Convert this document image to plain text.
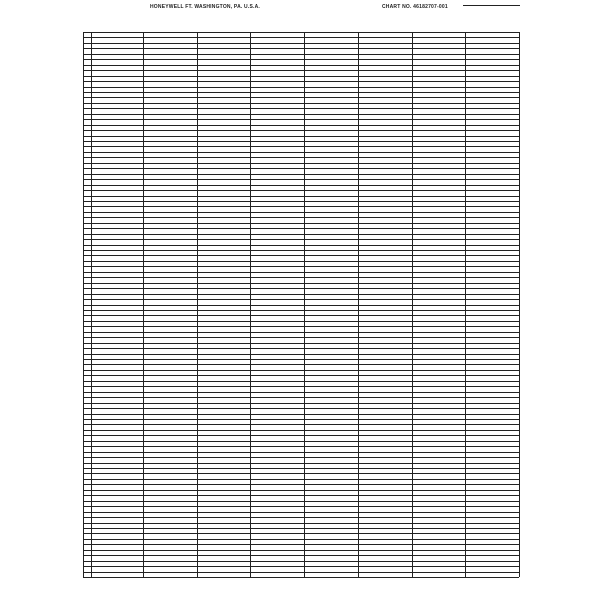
HONEYWELL FT. WASHINGTON, PA. U.S.A.	CHART NO. 46182707-001
